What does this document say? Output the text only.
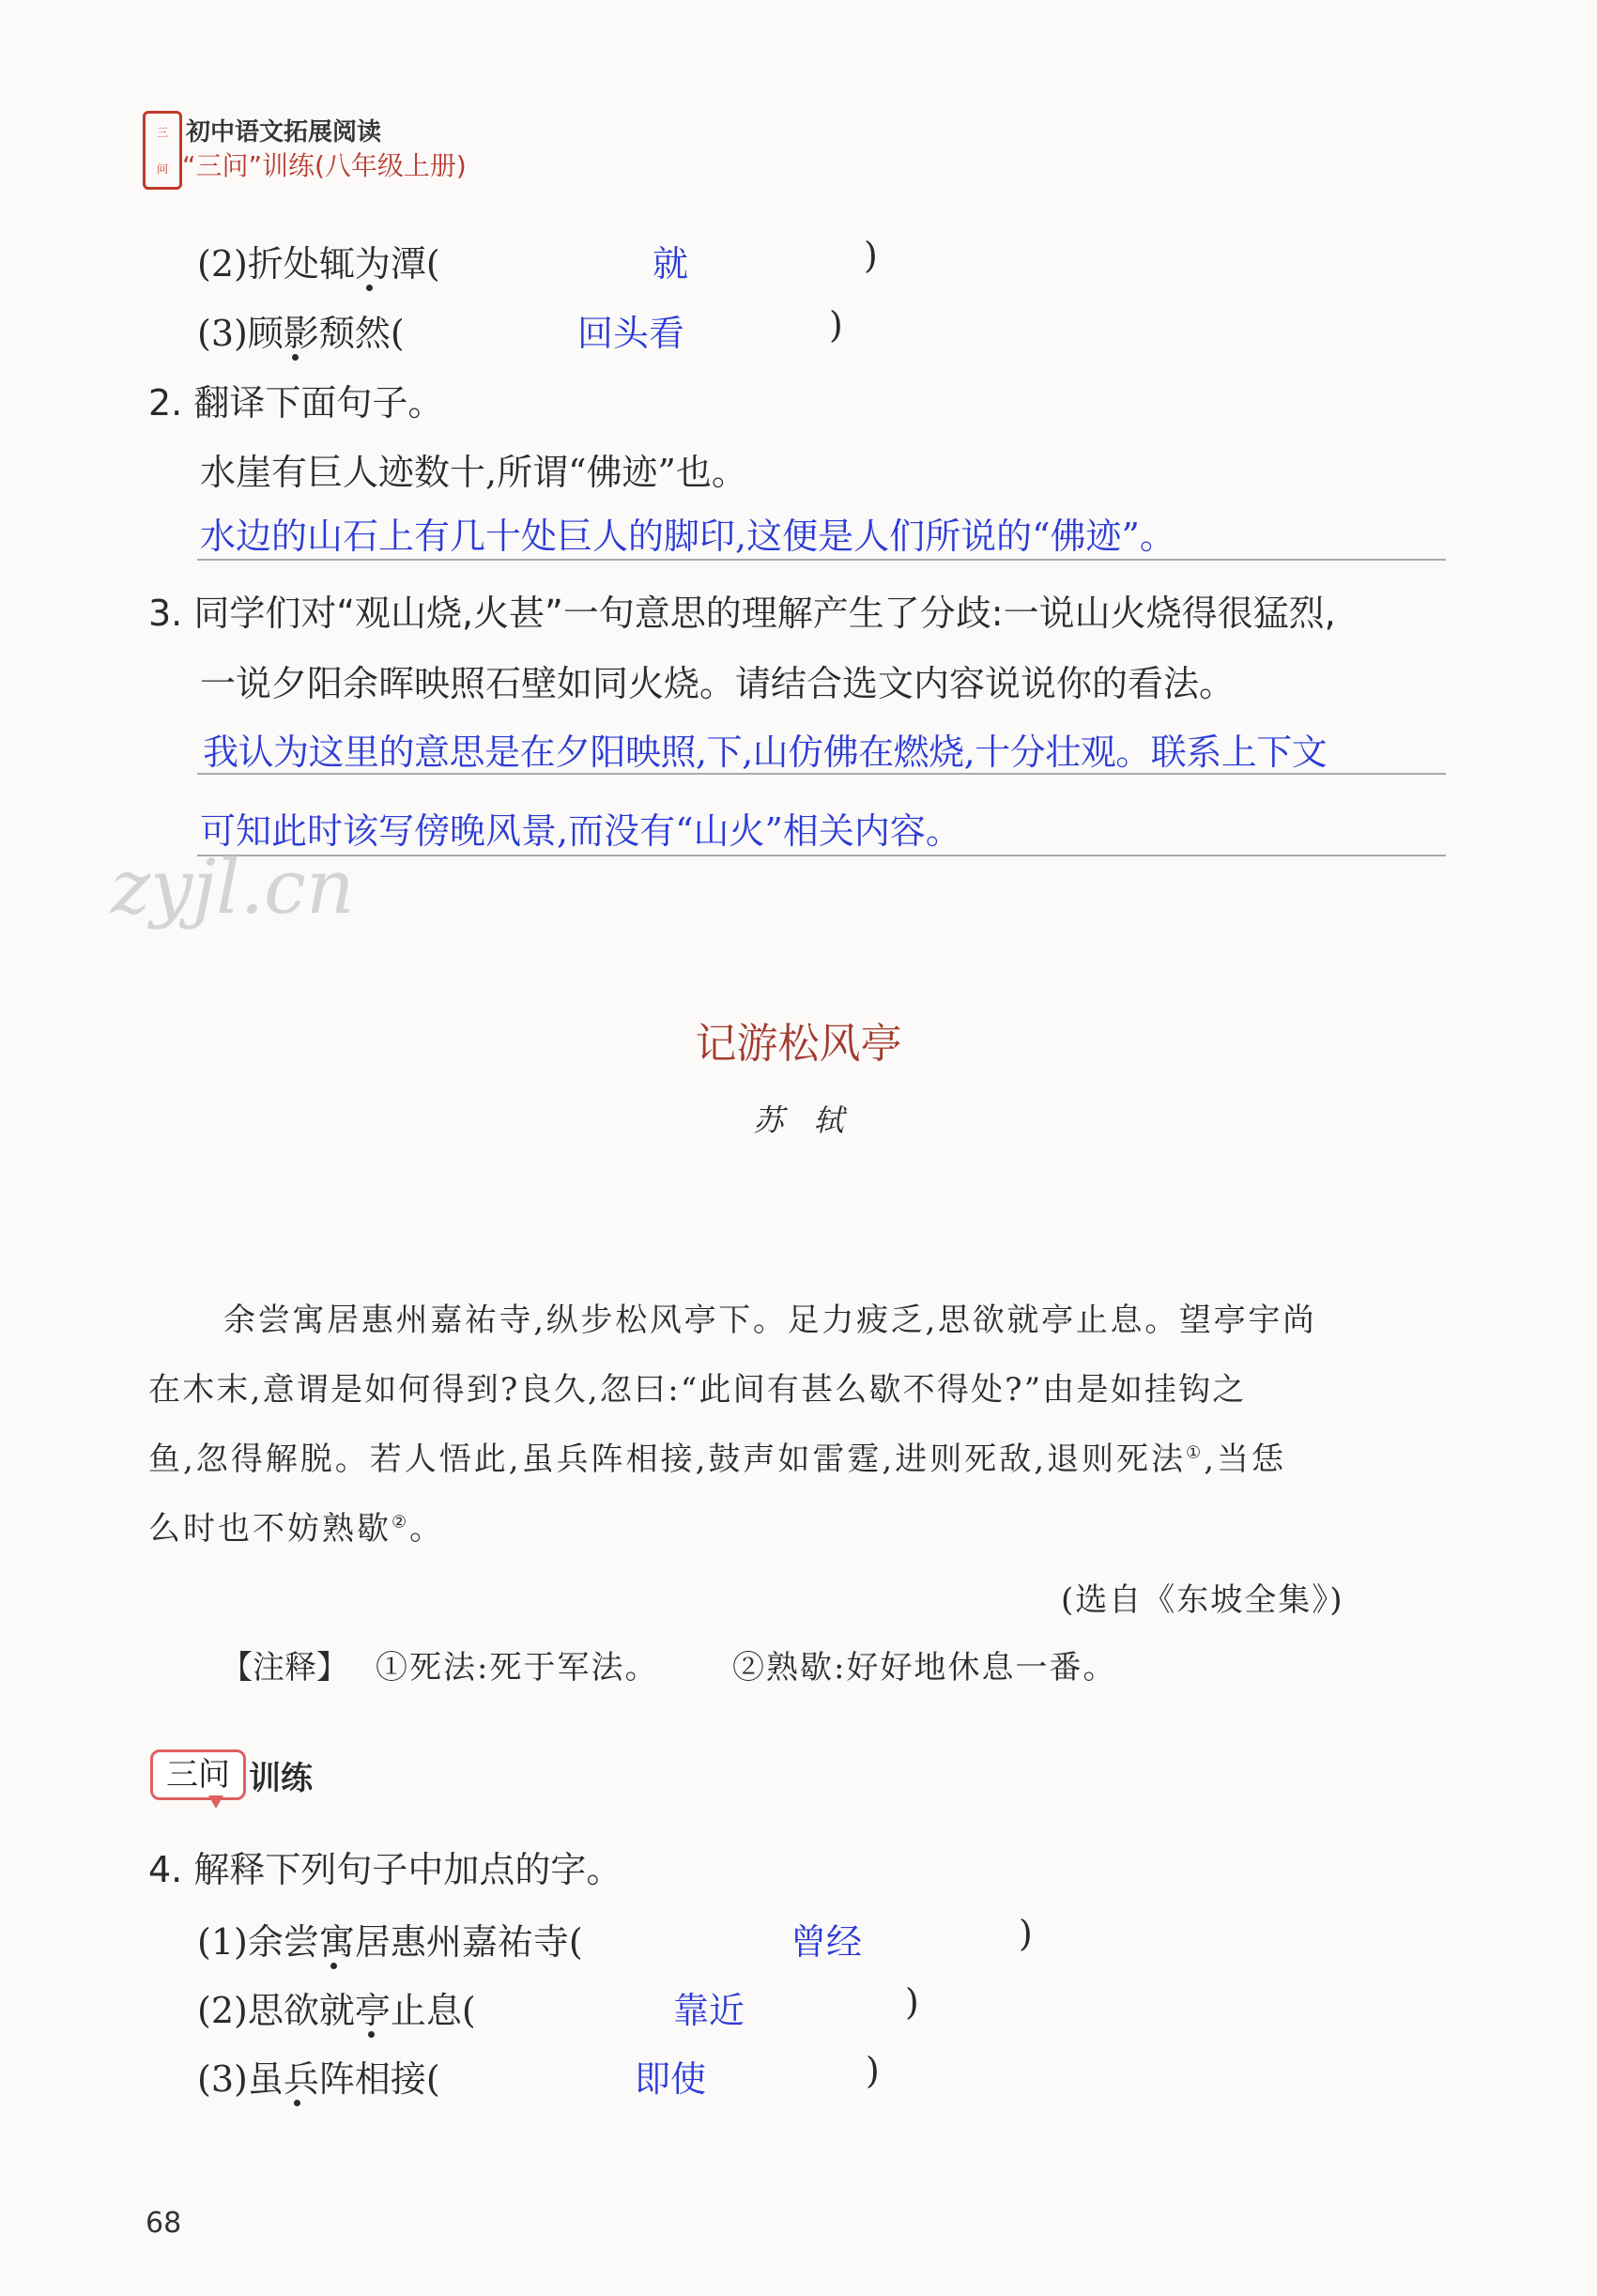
三
问
初中语文拓展阅读
“三问”训练(八年级上册)
(2)折处辄为潭(	就	)
(3)顾影颓然(	回头看	)
2. 翻译下面句子。
水崖有巨人迹数十,所谓“佛迹”也。
水边的山石上有几十处巨人的脚印,这便是人们所说的“佛迹”。
3. 同学们对“观山烧,火甚”一句意思的理解产生了分歧:一说山火烧得很猛烈,
一说夕阳余晖映照石壁如同火烧。请结合选文内容说说你的看法。
我认为这里的意思是在夕阳映照,下,山仿佛在燃烧,十分壮观。联系上下文
可知此时该写傍晚风景,而没有“山火”相关内容。
zyjl.cn
记游松风亭
苏　轼
余尝寓居惠州嘉祐寺,纵步松风亭下。足力疲乏,思欲就亭止息。望亭宇尚
在木末,意谓是如何得到?良久,忽曰:“此间有甚么歇不得处?”由是如挂钩之
鱼,忽得解脱。若人悟此,虽兵阵相接,鼓声如雷霆,进则死敌,退则死法①,当恁
么时也不妨熟歇②。
(选自《东坡全集》)
【注释】 ①死法:死于军法。 ②熟歇:好好地休息一番。
三问 训练
4. 解释下列句子中加点的字。
(1)余尝寓居惠州嘉祐寺(	曾经	)
(2)思欲就亭止息(	靠近	)
(3)虽兵阵相接(	即使	)
68
